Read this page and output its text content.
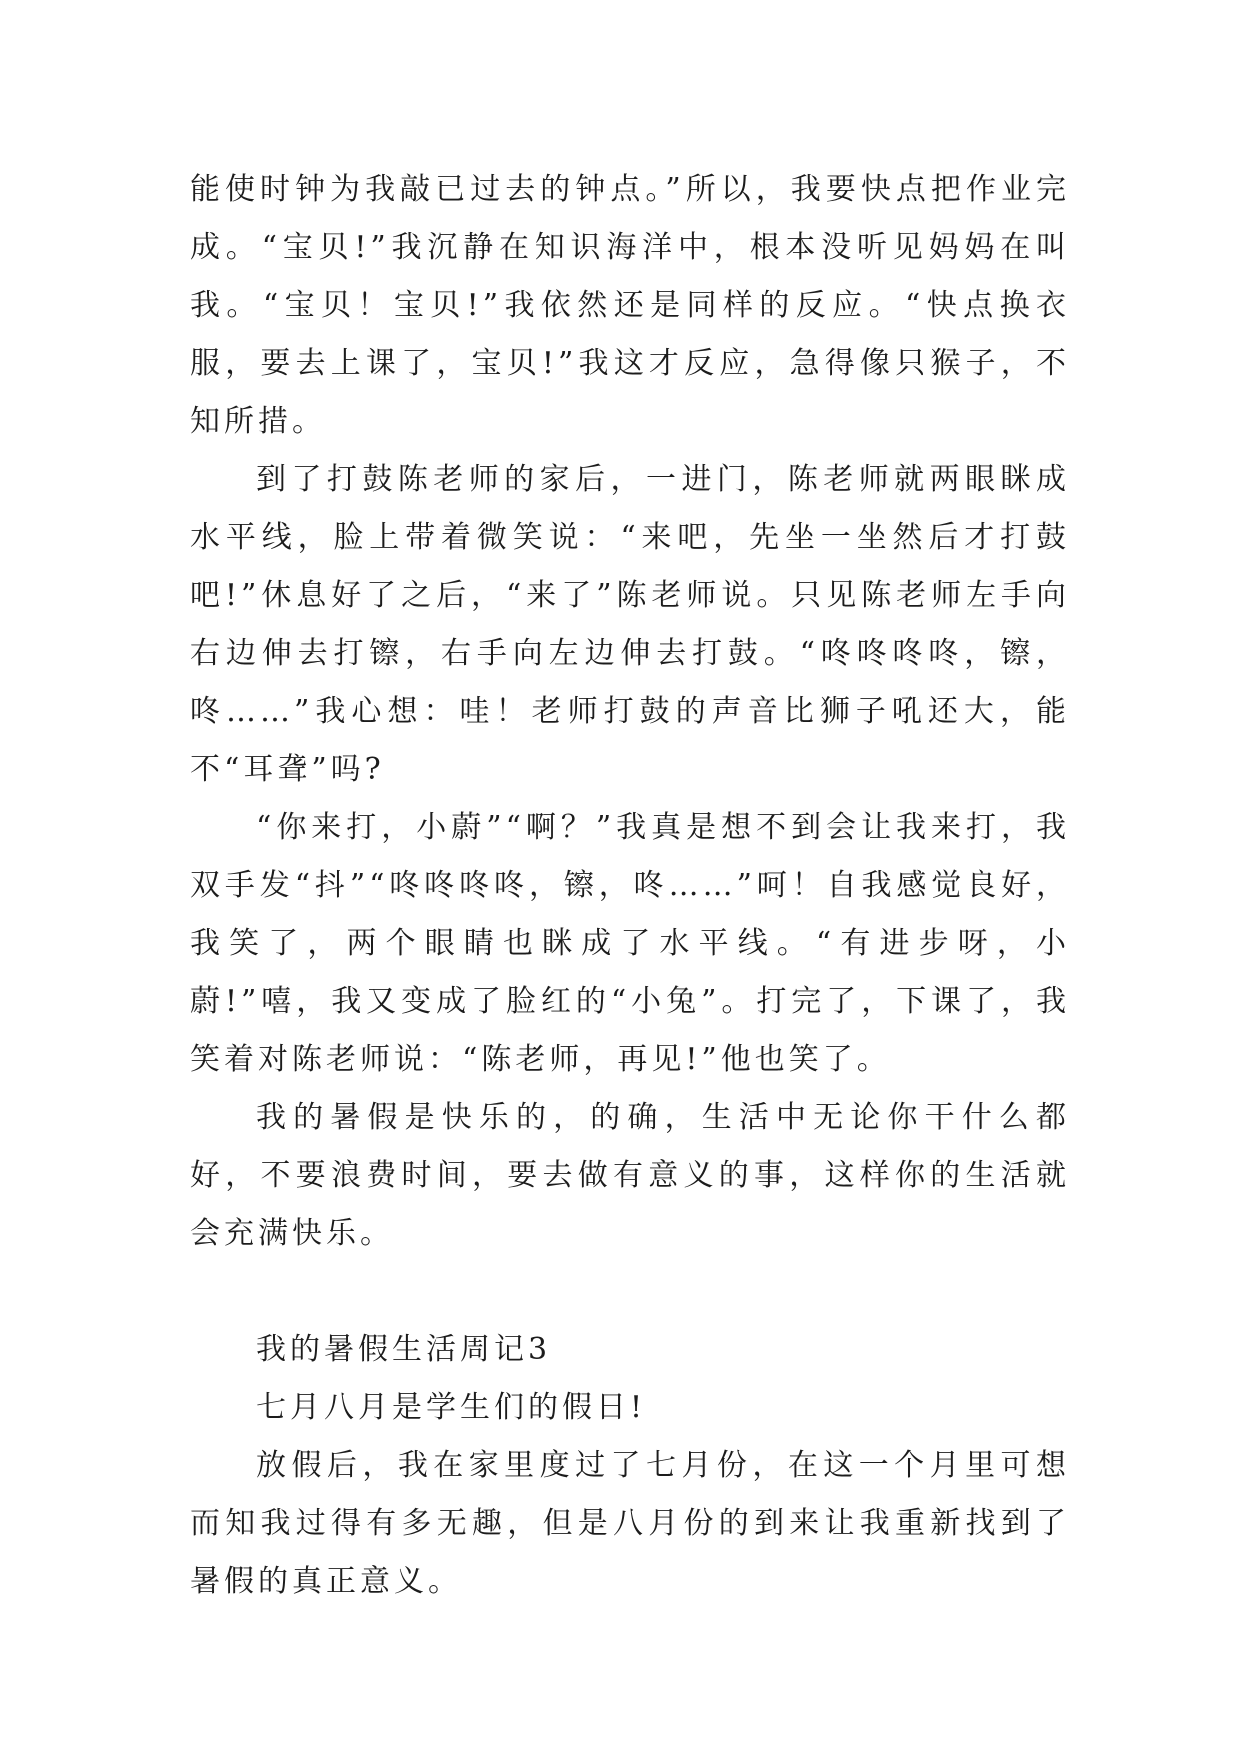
能使时钟为我敲已过去的钟点。”所以，我要快点把作业完成。“宝贝!”我沉静在知识海洋中，根本没听见妈妈在叫我。“宝贝！宝贝!”我依然还是同样的反应。“快点换衣服，要去上课了，宝贝!”我这才反应，急得像只猴子，不知所措。

到了打鼓陈老师的家后，一进门，陈老师就两眼眯成水平线，脸上带着微笑说：“来吧，先坐一坐然后才打鼓吧!”休息好了之后，“来了”陈老师说。只见陈老师左手向右边伸去打镲，右手向左边伸去打鼓。“咚咚咚咚，镲，咚……”我心想：哇！老师打鼓的声音比狮子吼还大，能不“耳聋”吗?

“你来打，小蔚”“啊？”我真是想不到会让我来打，我双手发“抖”“咚咚咚咚，镲，咚……”呵！自我感觉良好，我笑了，两个眼睛也眯成了水平线。“有进步呀，小蔚!”嘻，我又变成了脸红的“小兔”。打完了，下课了，我笑着对陈老师说：“陈老师，再见!”他也笑了。

我的暑假是快乐的，的确，生活中无论你干什么都好，不要浪费时间，要去做有意义的事，这样你的生活就会充满快乐。

我的暑假生活周记3

七月八月是学生们的假日!

放假后，我在家里度过了七月份，在这一个月里可想而知我过得有多无趣，但是八月份的到来让我重新找到了暑假的真正意义。
